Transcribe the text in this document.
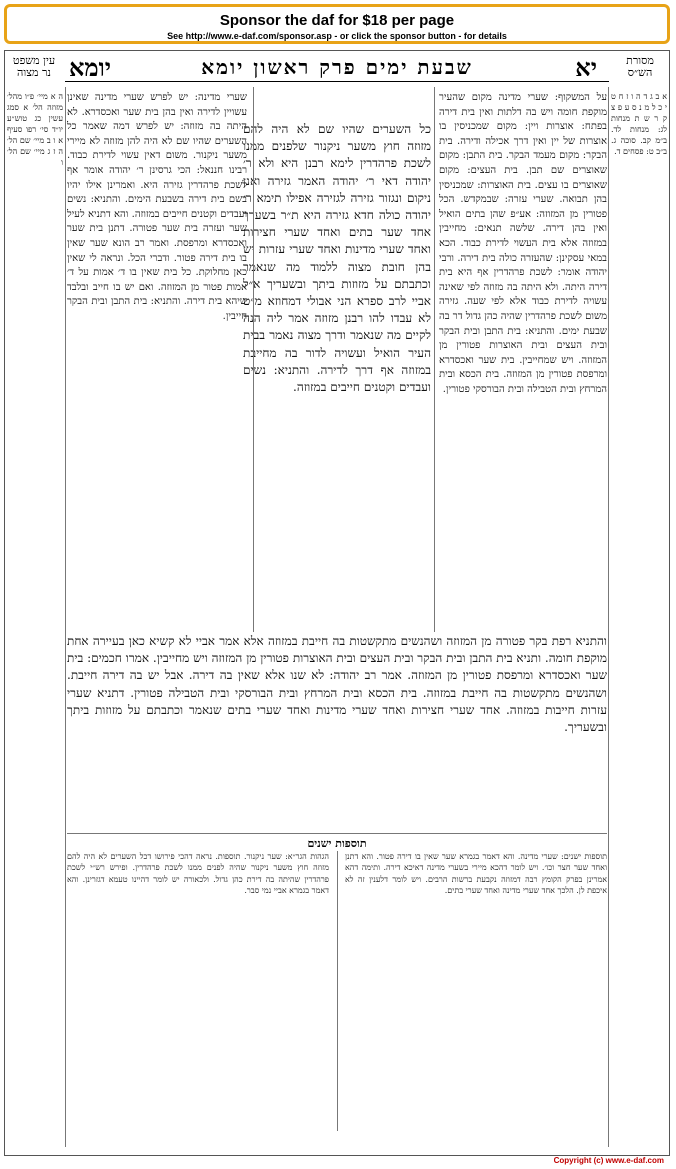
Sponsor the daf for $18 per page
See http://www.e-daf.com/sponsor.asp - or click the sponsor button - for details
מסורת הש״ס
יא
שבעת ימים פרק ראשון יומא
יומא
עין משפט נר מצוה
א ב ג ד ה ו ז ח ט י כ ל מ נ ס ע פ צ ק ר ש ת מנחות לג: מנחות לד. ב״מ קב. סוכה ג. ב״ב ט: פסחים ד.
על המשקוף: שערי מדינה מקום שהעיר מוקפת חומה ויש בה דלתות ואין בית דירה בפתח: אוצרות ויין: מקום שמכניסין בו אוצרות של יין ואין דרך אכילה ודירה. בית הבקר: מקום מעמד הבקר. בית התבן: מקום שאוצרים שם תבן. בית העצים: מקום שאוצרים בו עצים. בית האוצרות: שמכניסין בהן תבואה. שערי עזרה: שבמקדש. הכל פטורין מן המזוזה: אע״פ שהן בתים הואיל ואין בהן דירה. שלשה תנאים: מחייבין במזוזה אלא בית העשוי לדירת כבוד. הכא במאי עסקינן: שהעזרה כולה בית דירה. ורבי יהודה אומר: לשכת פרהדרין אף היא בית דירה היתה. ולא היתה בה מזוזה לפי שאינה עשויה לדירת כבוד אלא לפי שעה. גזירה משום לשכת פרהדרין שהיה כהן גדול דר בה שבעת ימים. והתניא: בית התבן ובית הבקר ובית העצים ובית האוצרות פטורין מן המזוזה. ויש שמחייבין. בית שער ואכסדרא ומרפסת פטורין מן המזוזה. בית הכסא ובית המרחץ ובית הטבילה ובית הבורסקי פטורין.
כל השערים שהיו שם לא היה להם מזוזה חוץ משער ניקנור שלפנים ממנו לשכת פרהדרין לימא רבנן היא ולא ר׳ יהודה דאי ר׳ יהודה האמר גזירה ואנן ניקום ונגזור גזירה לגזירה אפילו תימא ר׳ יהודה כולה חדא גזירה היא ת״ר בשערך אחד שער בתים ואחד שערי חצירות ואחד שערי מדינות ואחד שערי עזרות יש בהן חובת מצוה ללמוד מה שנאמר וכתבתם על מזוזות ביתך ובשעריך א״ל אביי לרב ספרא הני אבולי דמחוזא מ״ט לא עבדו להו רבנן מזוזה אמר ליה הנה לקיים מה שנאמר ודרך מצוה נאמר בבית העיר הואיל ועשויה לדור בה מחייבת במזוזה אף דרך לדירה. והתניא: נשים ועבדים וקטנים חייבים במזוזה.
שערי מדינה: יש לפרש שערי מדינה שאינן עשויין לדירה ואין בהן בית שער ואכסדרא. לא היתה בה מזוזה: יש לפרש דמה שאמר כל השערים שהיו שם לא היה להן מזוזה לא מיירי משער ניקנור. משום דאין עשוי לדירת כבוד. רבינו חננאל: הכי גרסינן ר׳ יהודה אומר אף לשכת פרהדרין גזירה היא. ואמרינן אילו יהיו בשם בית דירה בשבעת הימים. והתניא: נשים ועבדים וקטנים חייבים במזוזה. והא דתניא לעיל שער ועזרה בית שער פטורה. דתנן בית שער ואכסדרא ומרפסת. ואמר רב הונא שער שאין בו בית דירה פטור. ודברי הכל. ונראה לי שאין כאן מחלוקת. כל בית שאין בו ד׳ אמות על ד׳ אמות פטור מן המזוזה. ואם יש בו חייב ובלבד שיהא בית דירה. והתניא: בית התבן ובית הבקר חייבין.
ה א מיי׳ פ״ו מהל׳ מזוזה הל׳ א סמג עשין כג טוש״ע יו״ד סי׳ רפו סעיף א ו ב מיי׳ שם הל׳ ה ז ג מיי׳ שם הל׳ ו
והתניא רפת בקר פטורה מן המזוזה ושהנשים מתקשטות בה חייבת במזוזה אלא אמר אביי לא קשיא כאן בעיירה אחת מוקפת חומה. ותניא בית התבן ובית הבקר ובית העצים ובית האוצרות פטורין מן המזוזה ויש מחייבין. אמרו חכמים: בית שער ואכסדרא ומרפסת פטורין מן המזוזה. אמר רב יהודה: לא שנו אלא שאין בה דירה. אבל יש בה דירה חייבת. ושהנשים מתקשטות בה חייבת במזוזה. בית הכסא ובית המרחץ ובית הבורסקי ובית הטבילה פטורין. דתניא שערי עזרות חייבות במזוזה. אחד שערי חצירות ואחד שערי מדינות ואחד שערי בתים שנאמר וכתבתם על מזוזות ביתך ובשעריך.
תוספות ישנים
תוספות ישנים: שערי מדינה. והא דאמר בגמרא שער שאין בו דירה פטור. והא דתנן ואחד שער חצר וכו׳. ויש לומר דהכא מיירי בשערי מדינה דאיכא דירה. ותימה דהא אמרינן בפרק הקומץ רבה דמזוזה נקבעת ברשות הרבים. ויש לומר דלענין זה לא איכפת לן. הלכך אחד שערי מדינה ואחד שערי בתים.
הגהות הגר״א: שער ניקנור. תוספות. נראה דהכי פירושו דכל השערים לא היה להם מזוזה חוץ משער ניקנור שהיה לפנים ממנו לשכת פרהדרין. ופירש רש״י לשכת פרהדרין שהיתה בה דירת כהן גדול. ולכאורה יש לומר דהיינו טעמא דגזרינן. והא דאמר בגמרא אביי נמי סבר.
Copyright (c) www.e-daf.com
